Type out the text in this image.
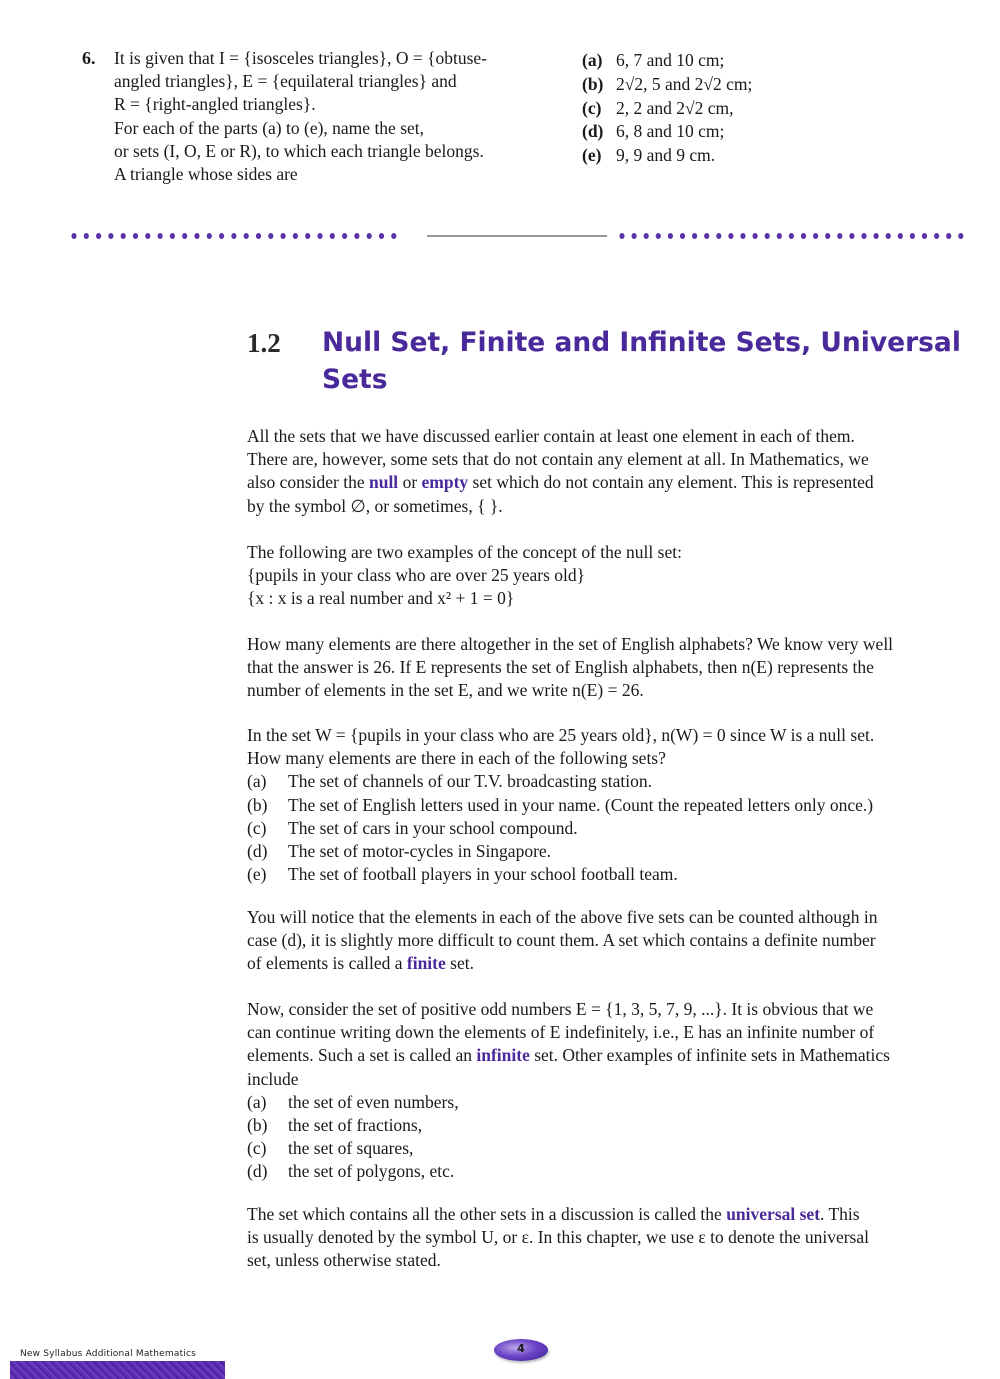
6. It is given that I = {isosceles triangles}, O = {obtuse-
angled triangles}, E = {equilateral triangles} and
R = {right-angled triangles}.
For each of the parts (a) to (e), name the set,
or sets (I, O, E or R), to which each triangle belongs.
A triangle whose sides are
(a) 6, 7 and 10 cm;
(b) 2√2, 5 and 2√2 cm;
(c) 2, 2 and 2√2 cm,
(d) 6, 8 and 10 cm;
(e) 9, 9 and 9 cm.
1.2 Null Set, Finite and Infinite Sets, Universal
Sets
All the sets that we have discussed earlier contain at least one element in each of them.
There are, however, some sets that do not contain any element at all. In Mathematics, we
also consider the null or empty set which do not contain any element. This is represented
by the symbol ∅, or sometimes, { }.
The following are two examples of the concept of the null set:
{pupils in your class who are over 25 years old}
{x : x is a real number and x² + 1 = 0}
How many elements are there altogether in the set of English alphabets? We know very well
that the answer is 26. If E represents the set of English alphabets, then n(E) represents the
number of elements in the set E, and we write n(E) = 26.
In the set W = {pupils in your class who are 25 years old}, n(W) = 0 since W is a null set.
How many elements are there in each of the following sets?
(a) The set of channels of our T.V. broadcasting station.
(b) The set of English letters used in your name. (Count the repeated letters only once.)
(c) The set of cars in your school compound.
(d) The set of motor-cycles in Singapore.
(e) The set of football players in your school football team.
You will notice that the elements in each of the above five sets can be counted although in
case (d), it is slightly more difficult to count them. A set which contains a definite number
of elements is called a finite set.
Now, consider the set of positive odd numbers E = {1, 3, 5, 7, 9, ...}. It is obvious that we
can continue writing down the elements of E indefinitely, i.e., E has an infinite number of
elements. Such a set is called an infinite set. Other examples of infinite sets in Mathematics
include
(a) the set of even numbers,
(b) the set of fractions,
(c) the set of squares,
(d) the set of polygons, etc.
The set which contains all the other sets in a discussion is called the universal set. This
is usually denoted by the symbol U, or ε. In this chapter, we use ε to denote the universal
set, unless otherwise stated.
New Syllabus Additional Mathematics	4
